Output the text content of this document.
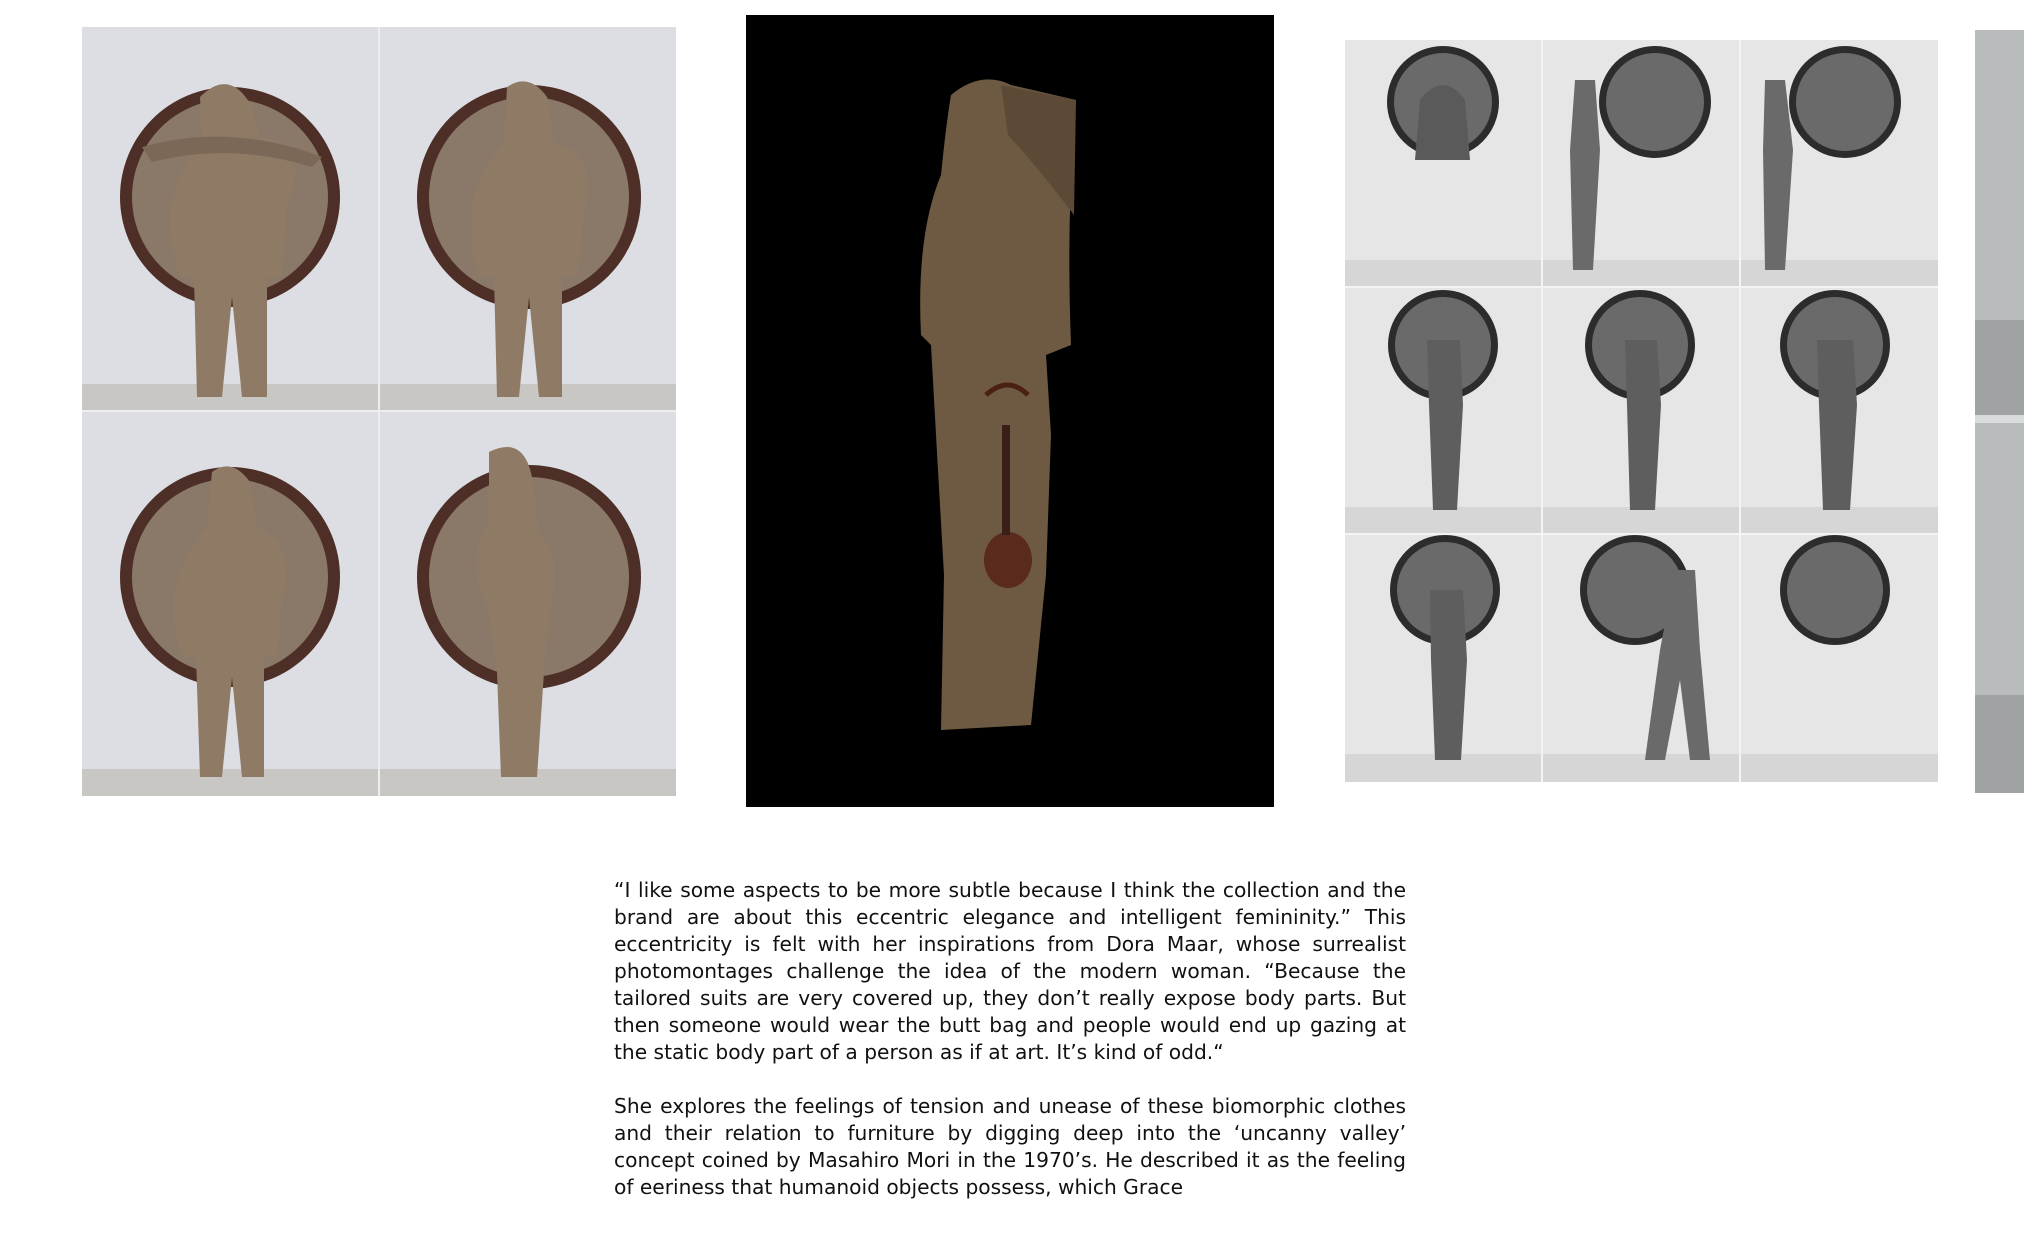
“I like some aspects to be more subtle because I think the collection and the brand are about this eccentric elegance and intelligent femininity.” This eccentricity is felt with her inspirations from Dora Maar, whose surrealist photomontages challenge the idea of the modern woman. “Because the tailored suits are very covered up, they don’t really expose body parts. But then someone would wear the butt bag and people would end up gazing at the static body part of a person as if at art. It’s kind of odd.“

She explores the feelings of tension and unease of these biomorphic clothes and their relation to furniture by digging deep into the ‘uncanny valley’ concept coined by Masahiro Mori in the 1970’s. He described it as the feeling of eeriness that humanoid objects possess, which Grace
